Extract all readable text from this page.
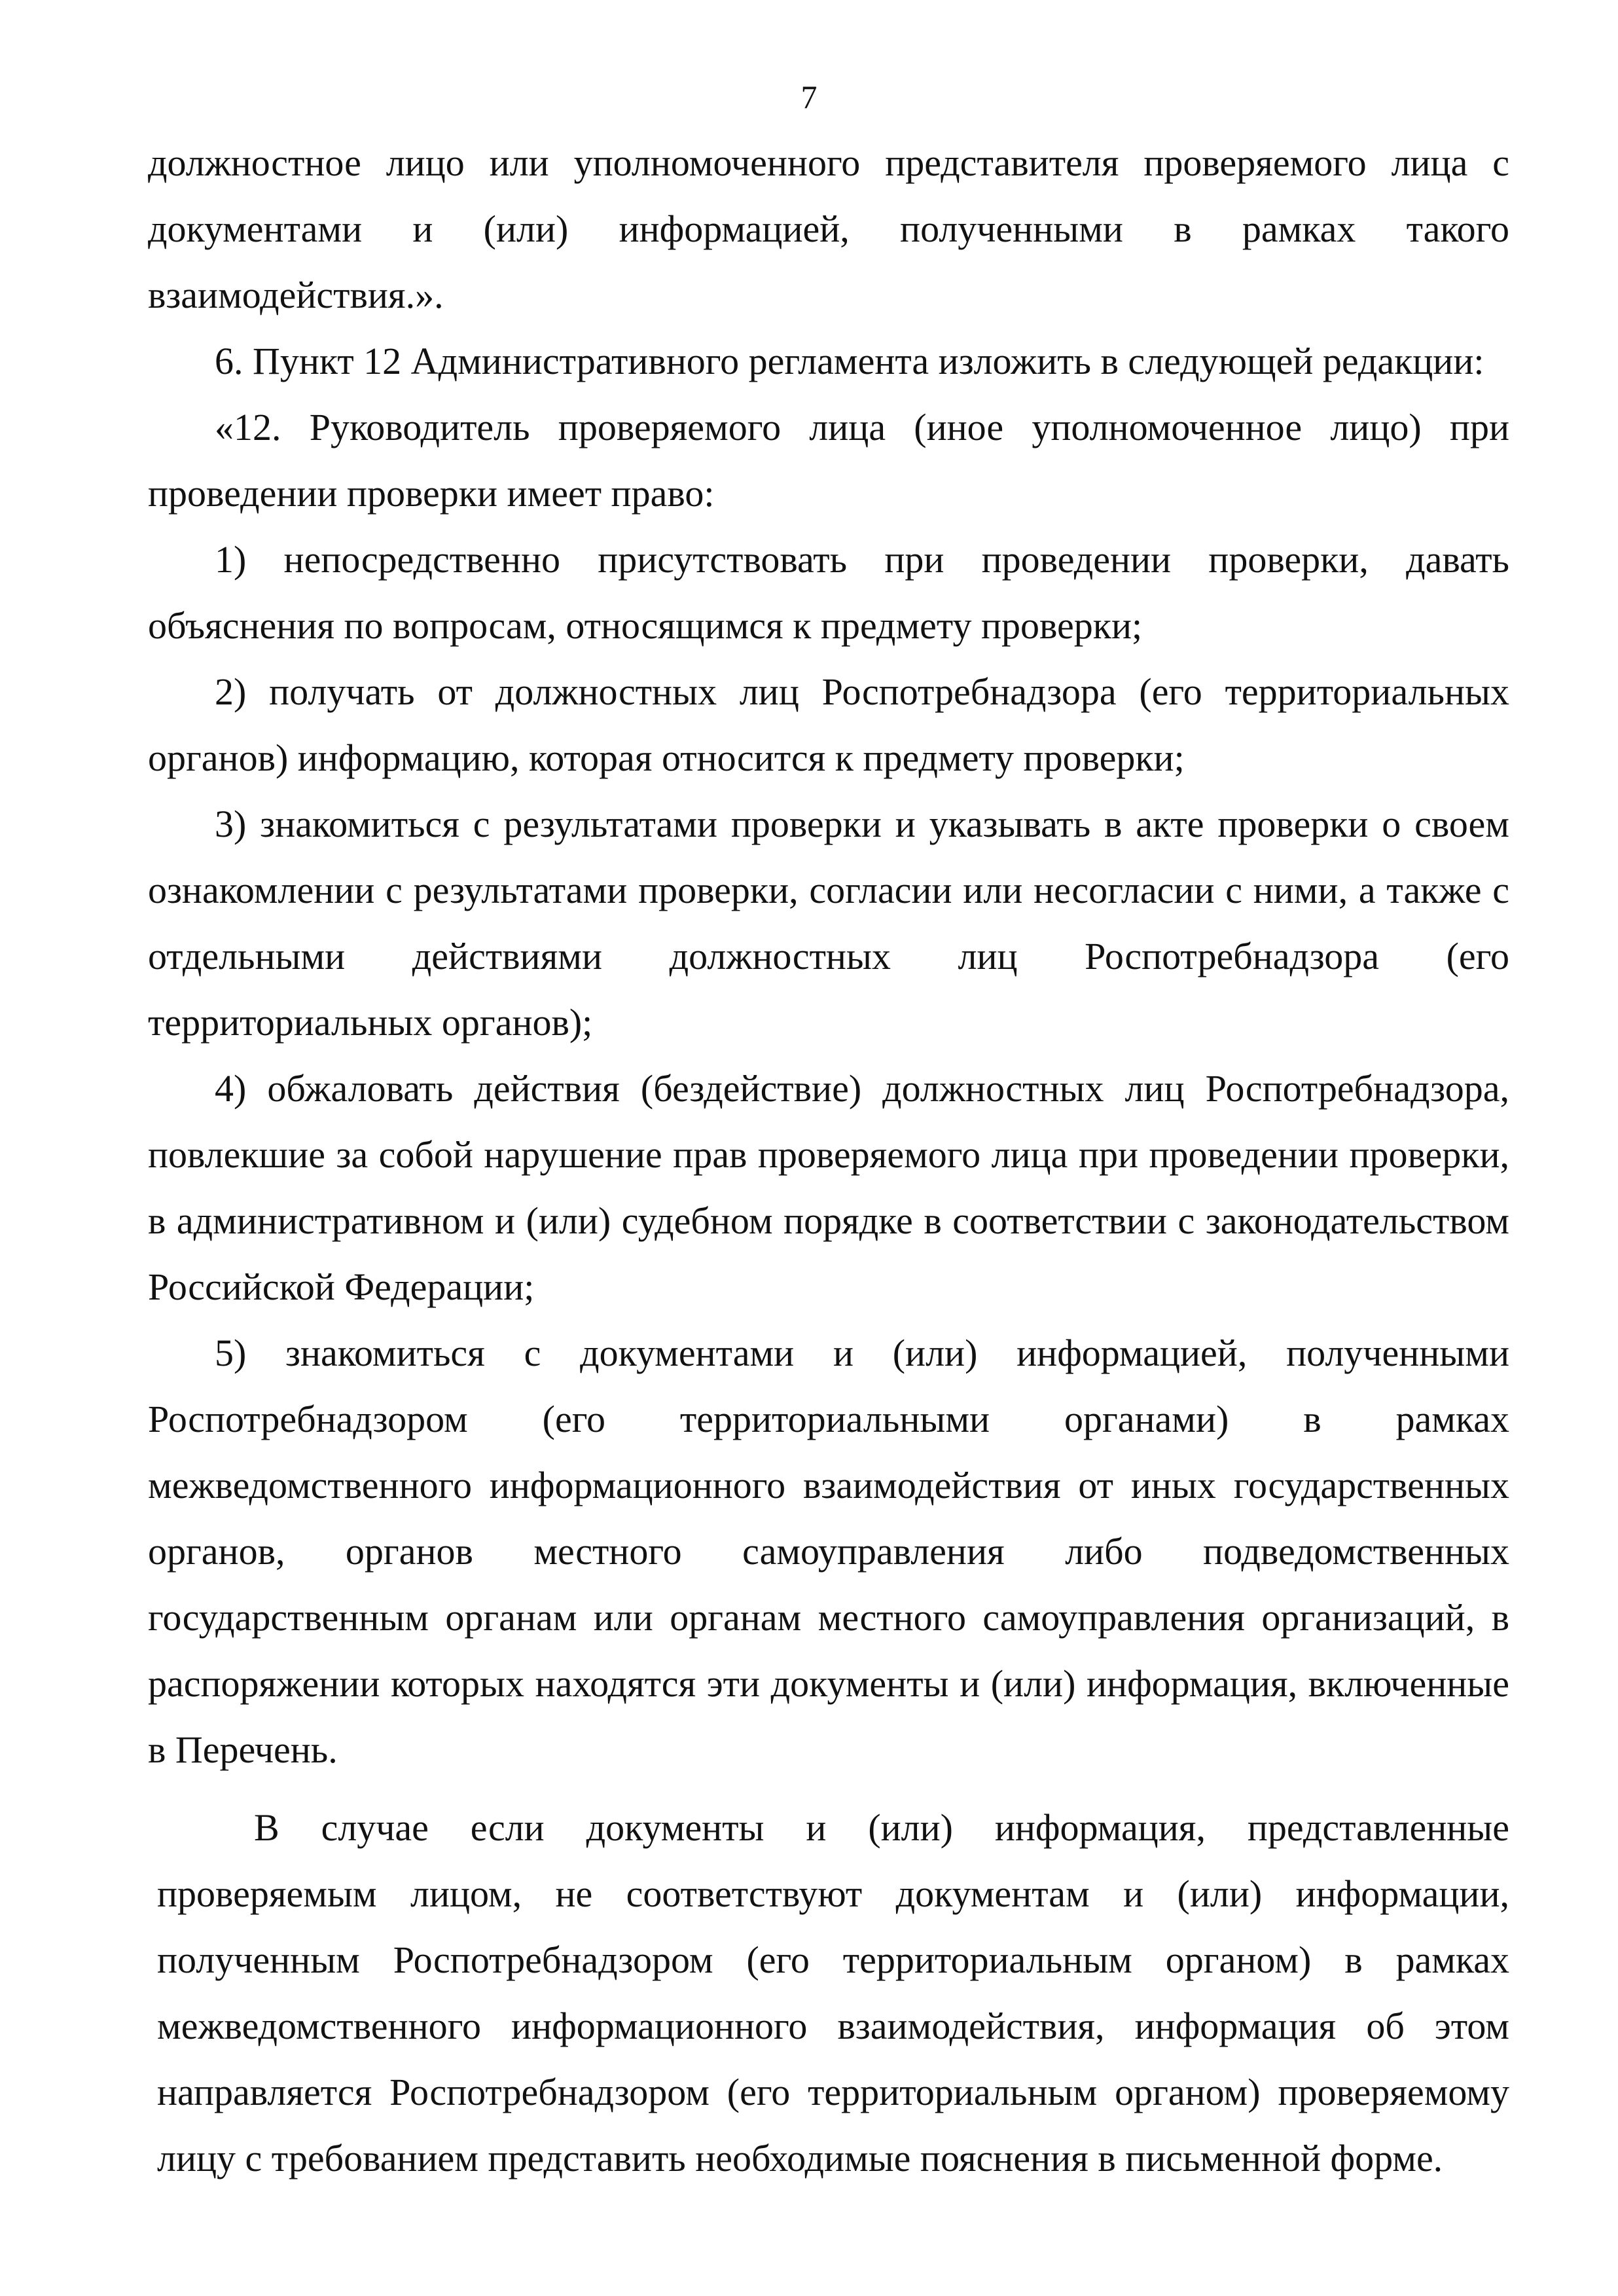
7

должностное лицо или уполномоченного представителя проверяемого лица с документами и (или) информацией, полученными в рамках такого взаимодействия.».

6. Пункт 12 Административного регламента изложить в следующей редакции:

«12. Руководитель проверяемого лица (иное уполномоченное лицо) при проведении проверки имеет право:

1) непосредственно присутствовать при проведении проверки, давать объяснения по вопросам, относящимся к предмету проверки;

2) получать от должностных лиц Роспотребнадзора (его территориальных органов) информацию, которая относится к предмету проверки;

3) знакомиться с результатами проверки и указывать в акте проверки о своем ознакомлении с результатами проверки, согласии или несогласии с ними, а также с отдельными действиями должностных лиц Роспотребнадзора (его территориальных органов);

4) обжаловать действия (бездействие) должностных лиц Роспотребнадзора, повлекшие за собой нарушение прав проверяемого лица при проведении проверки, в административном и (или) судебном порядке в соответствии с законодательством Российской Федерации;

5) знакомиться с документами и (или) информацией, полученными Роспотребнадзором (его территориальными органами) в рамках межведомственного информационного взаимодействия от иных государственных органов, органов местного самоуправления либо подведомственных государственным органам или органам местного самоуправления организаций, в распоряжении которых находятся эти документы и (или) информация, включенные в Перечень.

В случае если документы и (или) информация, представленные проверяемым лицом, не соответствуют документам и (или) информации, полученным Роспотребнадзором (его территориальным органом) в рамках межведомственного информационного взаимодействия, информация об этом направляется Роспотребнадзором (его территориальным органом) проверяемому лицу с требованием представить необходимые пояснения в письменной форме.
